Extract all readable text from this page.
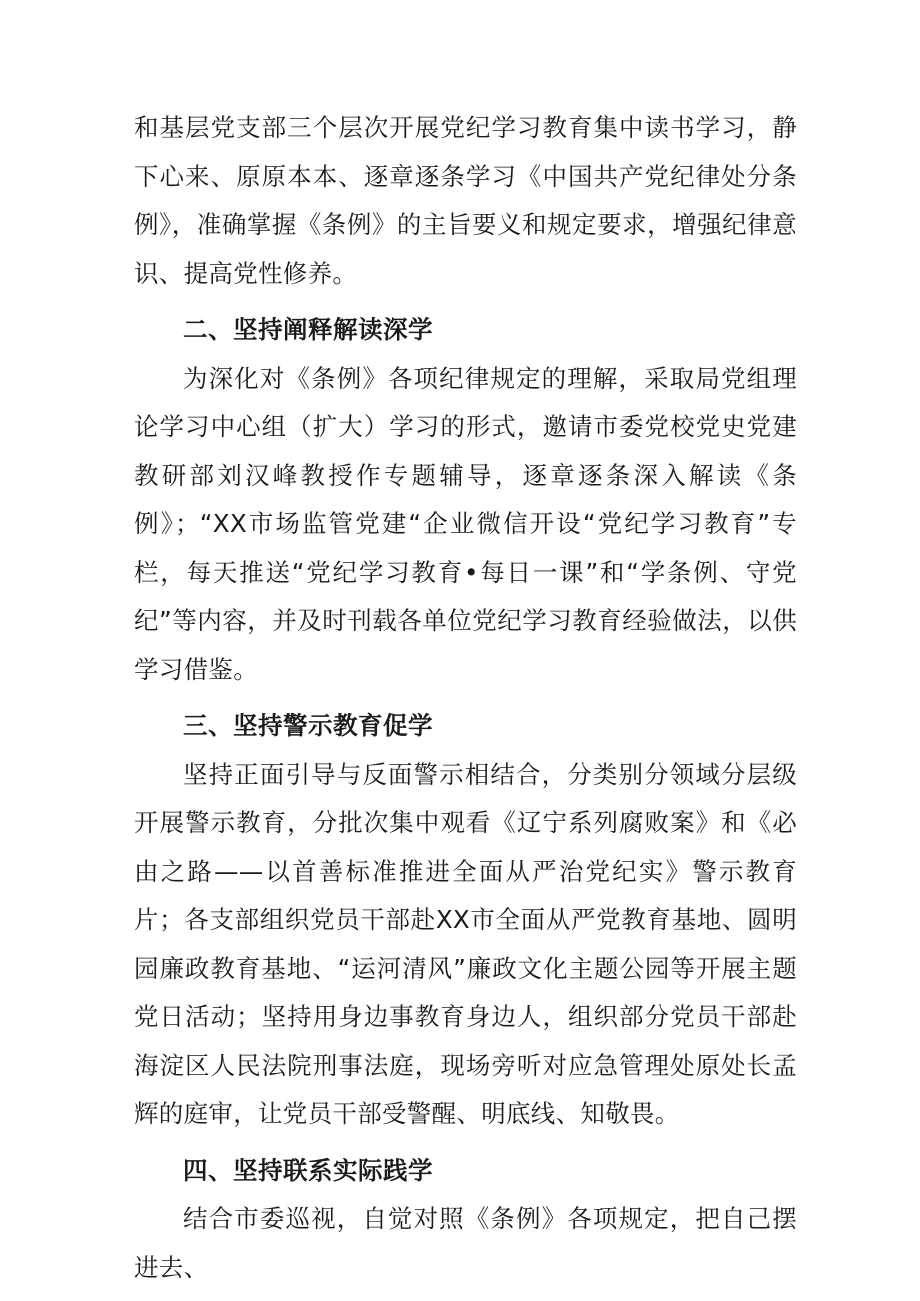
和基层党支部三个层次开展党纪学习教育集中读书学习，静下心来、原原本本、逐章逐条学习《中国共产党纪律处分条例》，准确掌握《条例》的主旨要义和规定要求，增强纪律意识、提高党性修养。

二、坚持阐释解读深学

为深化对《条例》各项纪律规定的理解，采取局党组理论学习中心组（扩大）学习的形式，邀请市委党校党史党建教研部刘汉峰教授作专题辅导，逐章逐条深入解读《条例》；“XX市场监管党建“企业微信开设“党纪学习教育”专栏，每天推送“党纪学习教育•每日一课”和“学条例、守党纪”等内容，并及时刊载各单位党纪学习教育经验做法，以供学习借鉴。

三、坚持警示教育促学

坚持正面引导与反面警示相结合，分类别分领域分层级开展警示教育，分批次集中观看《辽宁系列腐败案》和《必由之路——以首善标准推进全面从严治党纪实》警示教育片；各支部组织党员干部赴XX市全面从严党教育基地、圆明园廉政教育基地、“运河清风”廉政文化主题公园等开展主题党日活动；坚持用身边事教育身边人，组织部分党员干部赴海淀区人民法院刑事法庭，现场旁听对应急管理处原处长孟辉的庭审，让党员干部受警醒、明底线、知敬畏。

四、坚持联系实际践学

结合市委巡视，自觉对照《条例》各项规定，把自己摆进去、
